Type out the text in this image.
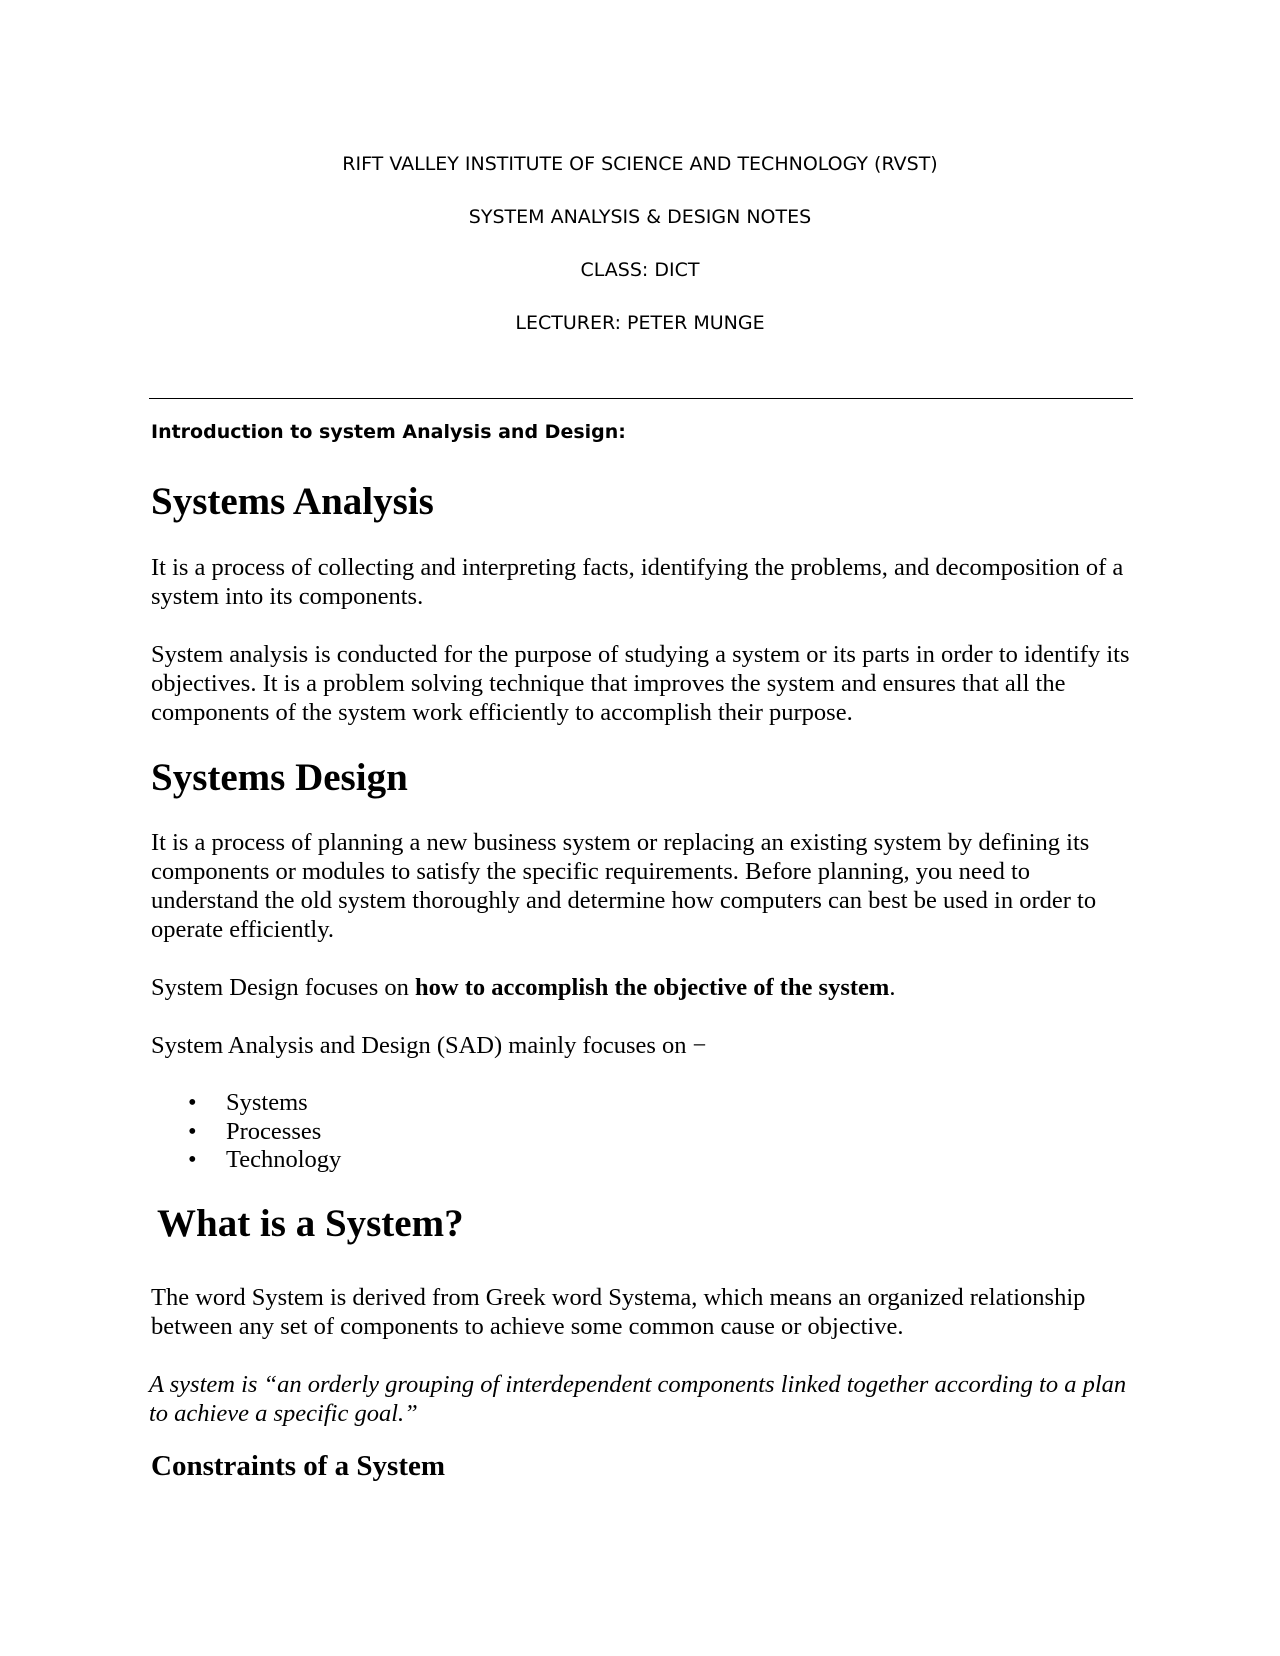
RIFT VALLEY INSTITUTE OF SCIENCE AND TECHNOLOGY (RVST)
SYSTEM ANALYSIS & DESIGN NOTES
CLASS: DICT
LECTURER: PETER MUNGE
Introduction to system Analysis and Design:
Systems Analysis

It is a process of collecting and interpreting facts, identifying the problems, and decomposition of a system into its components.

System analysis is conducted for the purpose of studying a system or its parts in order to identify its objectives. It is a problem solving technique that improves the system and ensures that all the components of the system work efficiently to accomplish their purpose.

Systems Design

It is a process of planning a new business system or replacing an existing system by defining its components or modules to satisfy the specific requirements. Before planning, you need to understand the old system thoroughly and determine how computers can best be used in order to operate efficiently.

System Design focuses on how to accomplish the objective of the system.

System Analysis and Design (SAD) mainly focuses on −

• Systems
• Processes
• Technology
What is a System?

The word System is derived from Greek word Systema, which means an organized relationship between any set of components to achieve some common cause or objective.

A system is “an orderly grouping of interdependent components linked together according to a plan to achieve a specific goal.”

Constraints of a System
